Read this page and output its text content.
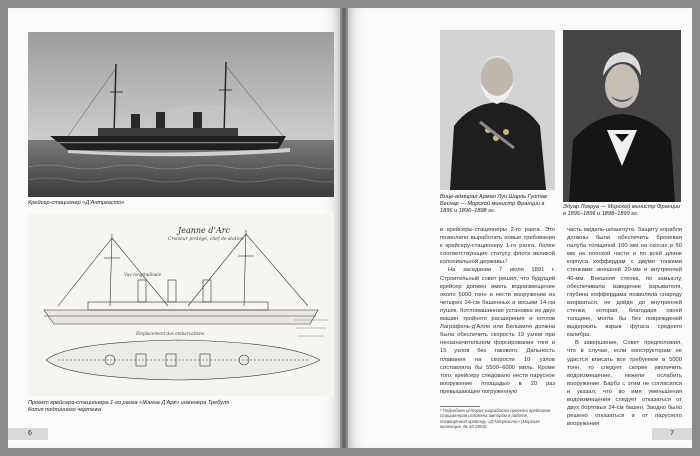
Крейсер-стационер «Д’Антркасто»
Jeanne d’Arc
Croiseur protégé, chef de station
Vue longitudinale
Emplacement des embarcations
Проект крейсера-стационера 1-го ранга «Жанна Д’Арк» инженера Требуля
Копия подлинного чертежа
6
Вице-адмирал Арман Луи Шарль Гуотав Беснар — Морской министр Франции в 1896 и 1896–1898 гг.
Эдуар Локруа — Морской министр Франции в 1895–1896 и 1898–1899 гг.

в крейсеры-стационеры 2-го ранга. Это позволило выработать новые требования к крейсеру-стационеру 1-го ранга, более соответствующие статусу флота великой колониальной державы.¹

На заседании 7 июля 1891 г. Строительный совет решил, что будущий крейсер должен иметь водоизмещение около 5000 тонн и нести вооружение из четырех 24-см башенных и восьми 14-см пушек. Котломашинная установка из двух машин тройного расширения и котлов Лаграфель-д’Алле или Бельвиля должна была обеспечить скорость 19 узлов при неназначительном форсировании тяги и 15 узлов без такового. Дальность плавания на скорости 10 узлов составляла бы 5500–6000 миль. Кроме того, крейсеру следовало нести парусное вооружение площадью в 20 раз превышающее погруженную

¹ Подробнее история разработки проекта крейсеров-стационеров изложена автором в работе, посвящённой крейсеру «Д’Антркасто» (Морская коллекция, № 10-2003).

часть мидель-шпангоута. Защиту корабля должны были обеспечить броневая палуба толщиной 100 мм на скосах и 50 мм на плоской части и по всей длине корпуса коффердам с двумя тонкими стенками: внешней 20-мм и внутренней 40-мм. Внешняя стенка, по замыслу, обеспечивала взведение взрывателя, глубина коффердама позволяла снаряду взорваться, не дойдя до внутренней стенки, которая, благодаря своей толщине, могла бы без повреждений выдержать взрыв фугаса среднего калибра.

В завершение, Совет предположил, что в случае, если конструкторам не удастся вписать все требуемое в 5000 тонн, то следует скорее увеличить водоизмещение, нежели ослабить вооружение. Барбэ с этим не согласился и указал, что во имя уменьшения водоизмещения следует отказаться от двух бортовых 24-см башен. Заодно было решено отказаться и от парусного вооружения

7
